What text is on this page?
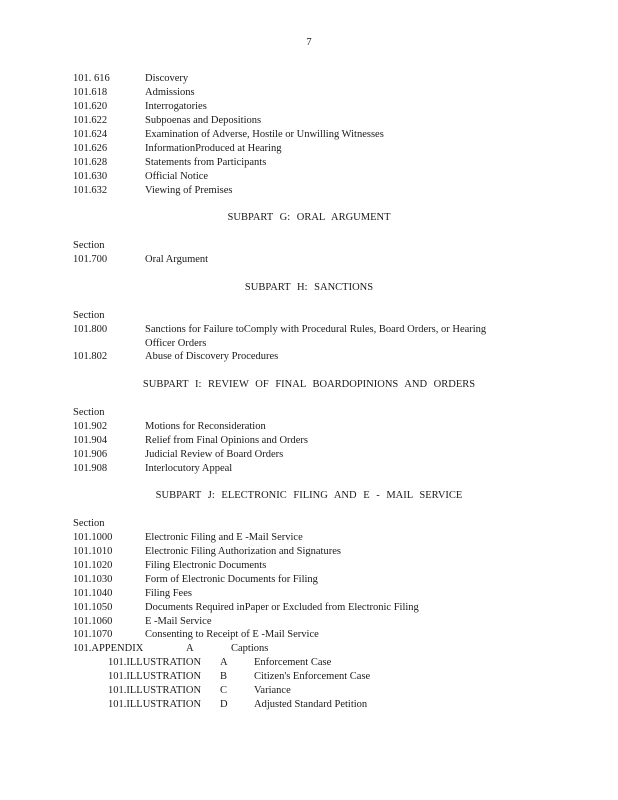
7
101. 616	Discovery
101.618	Admissions
101.620	Interrogatories
101.622	Subpoenas and Depositions
101.624	Examination of Adverse, Hostile or Unwilling Witnesses
101.626	InformationProduced at Hearing
101.628	Statements from Participants
101.630	Official Notice
101.632	Viewing of Premises
SUBPART G: ORAL ARGUMENT
Section
101.700	Oral Argument
SUBPART H: SANCTIONS
Section
101.800	Sanctions for Failure toComply with Procedural Rules, Board Orders, or Hearing
Officer Orders
101.802	Abuse of Discovery Procedures
SUBPART I: REVIEW OF FINAL BOARDOPINIONS AND ORDERS
Section
101.902	Motions for Reconsideration
101.904	Relief from Final Opinions and Orders
101.906	Judicial Review of Board Orders
101.908	Interlocutory Appeal
SUBPART J: ELECTRONIC FILING AND E - MAIL SERVICE
Section
101.1000	Electronic Filing and E -Mail Service
101.1010	Electronic Filing Authorization and Signatures
101.1020	Filing Electronic Documents
101.1030	Form of Electronic Documents for Filing
101.1040	Filing Fees
101.1050	Documents Required inPaper or Excluded from Electronic Filing
101.1060	E -Mail Service
101.1070	Consenting to Receipt of E -Mail Service
101.APPENDIX	A	Captions
101.ILLUSTRATION A	Enforcement Case
101.ILLUSTRATION B	Citizen's Enforcement Case
101.ILLUSTRATION C	Variance
101.ILLUSTRATION D	Adjusted Standard Petition
